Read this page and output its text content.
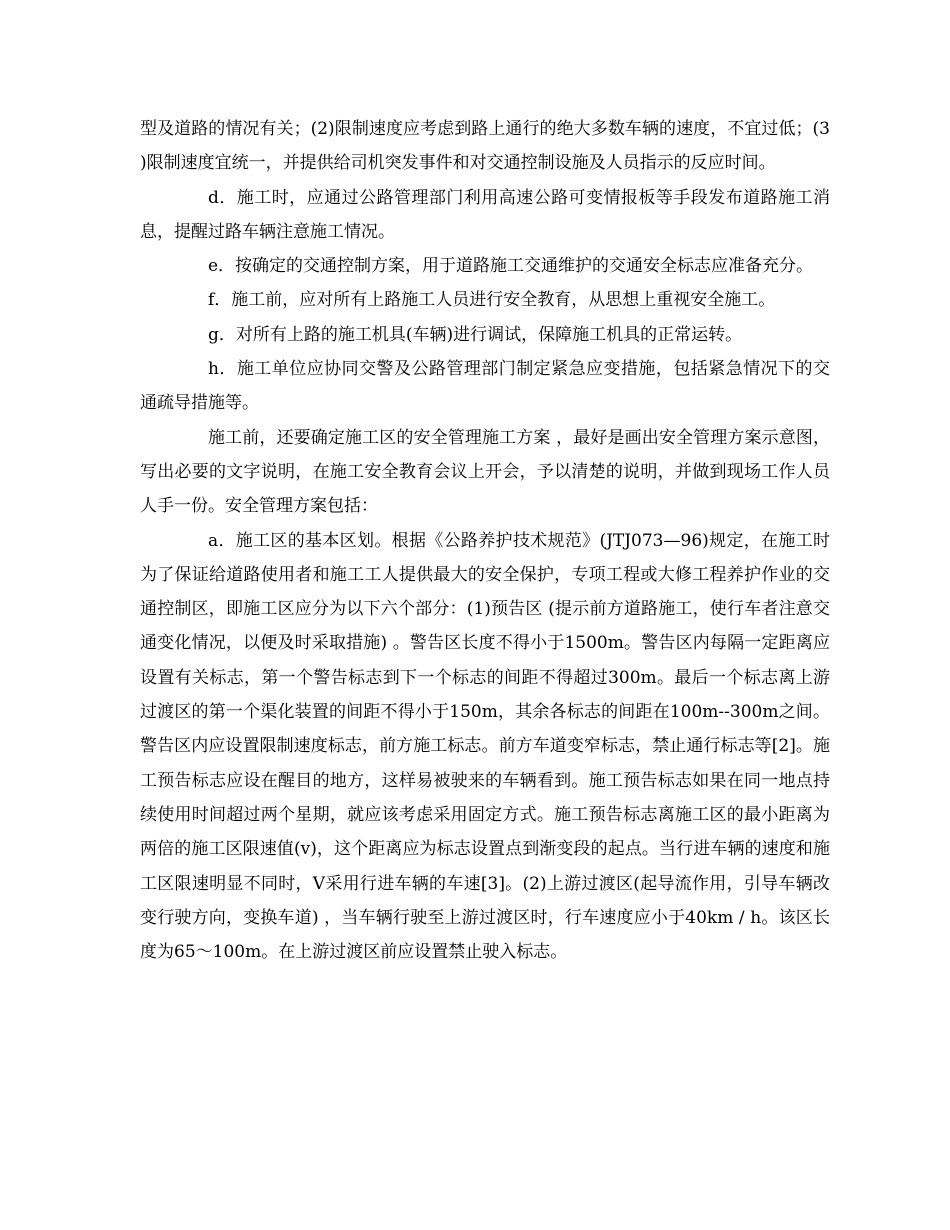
型及道路的情况有关；(2)限制速度应考虑到路上通行的绝大多数车辆的速度，不宜过低；(3)限制速度宜统一，并提供给司机突发事件和对交通控制设施及人员指示的反应时间。

d．施工时，应通过公路管理部门利用高速公路可变情报板等手段发布道路施工消息，提醒过路车辆注意施工情况。

e．按确定的交通控制方案，用于道路施工交通维护的交通安全标志应准备充分。

f．施工前，应对所有上路施工人员进行安全教育，从思想上重视安全施工。

g．对所有上路的施工机具(车辆)进行调试，保障施工机具的正常运转。

h．施工单位应协同交警及公路管理部门制定紧急应变措施，包括紧急情况下的交通疏导措施等。

施工前，还要确定施工区的安全管理施工方案 ，最好是画出安全管理方案示意图，写出必要的文字说明，在施工安全教育会议上开会，予以清楚的说明，并做到现场工作人员人手一份。安全管理方案包括：

a．施工区的基本区划。根据《公路养护技术规范》(JTJ073—96)规定，在施工时为了保证给道路使用者和施工工人提供最大的安全保护，专项工程或大修工程养护作业的交通控制区，即施工区应分为以下六个部分：(1)预告区 (提示前方道路施工，使行车者注意交通变化情况，以便及时采取措施) 。警告区长度不得小于1500m。警告区内每隔一定距离应设置有关标志，第一个警告标志到下一个标志的间距不得超过300m。最后一个标志离上游过渡区的第一个渠化装置的间距不得小于150m，其余各标志的间距在100m--300m之间。警告区内应设置限制速度标志，前方施工标志。前方车道变窄标志，禁止通行标志等[2]。施工预告标志应设在醒目的地方，这样易被驶来的车辆看到。施工预告标志如果在同一地点持续使用时间超过两个星期，就应该考虑采用固定方式。施工预告标志离施工区的最小距离为两倍的施工区限速值(v)，这个距离应为标志设置点到渐变段的起点。当行进车辆的速度和施工区限速明显不同时，V采用行进车辆的车速[3]。(2)上游过渡区(起导流作用，引导车辆改变行驶方向，变换车道) ，当车辆行驶至上游过渡区时，行车速度应小于40km / h。该区长度为65～100m。在上游过渡区前应设置禁止驶入标志。
